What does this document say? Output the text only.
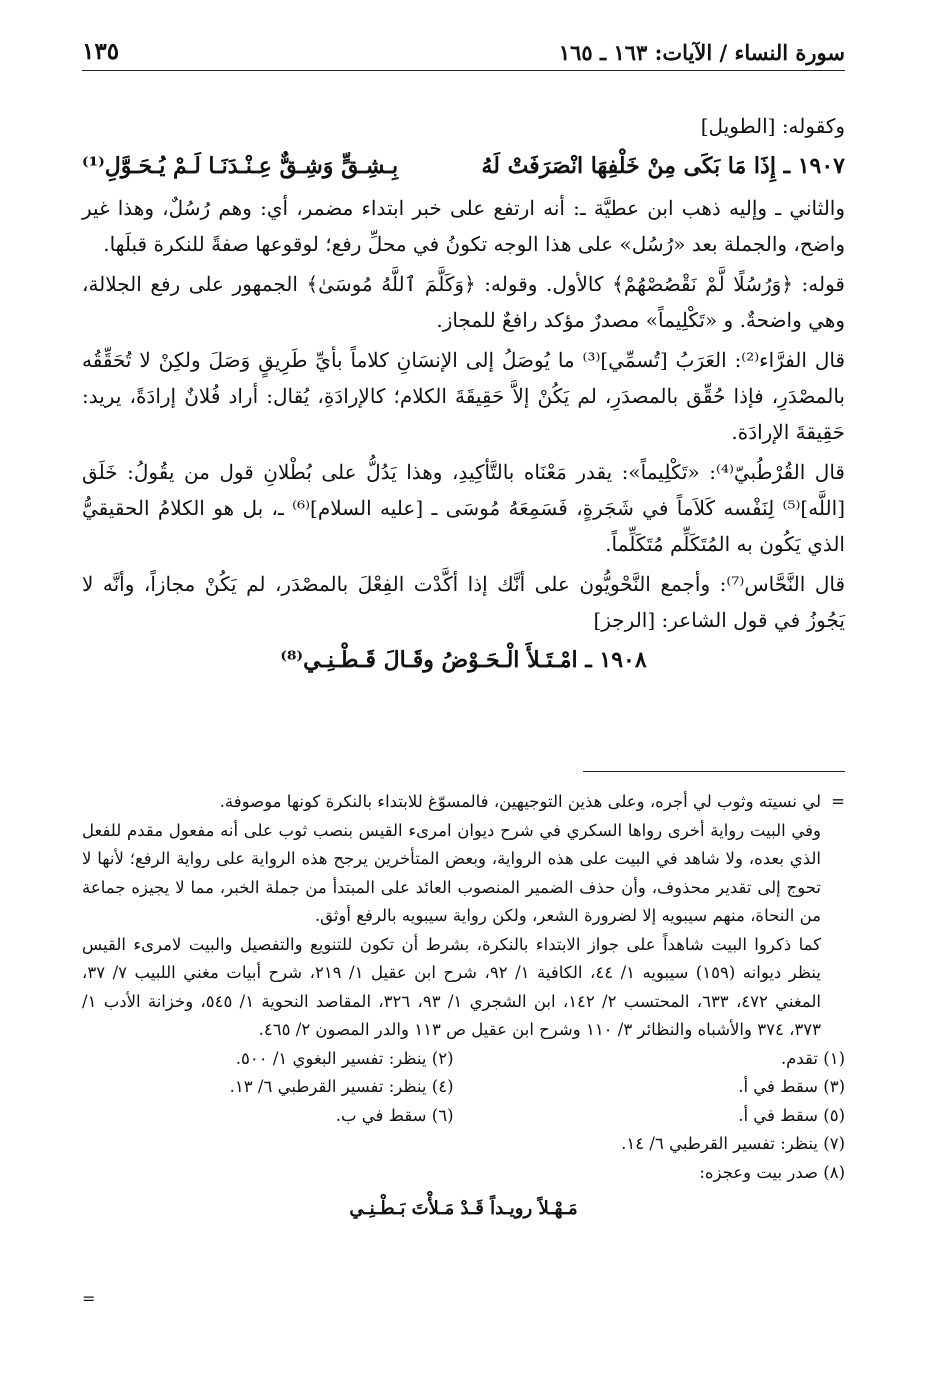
سورة النساء / الآيات: ١٦٣ ـ ١٦٥
١٣٥

وكقوله: [الطويل]

١٩٠٧ ـ إِذَا مَا بَكَى مِنْ خَلْفِهَا انْصَرَفَتْ لَهُ
بِـشِـقٍّ وَشِـقٌّ عِـنْـدَنَـا لَـمْ يُـحَـوَّلِ⁽¹⁾

والثاني ـ وإليه ذهب ابن عطيَّة ـ: أنه ارتفع على خبر ابتداء مضمر، أي: وهم رُسُلٌ، وهذا غير واضح، والجملة بعد «رُسُل» على هذا الوجه تكونُ في محلِّ رفع؛ لوقوعها صفةً للنكرة قبلَها.

قوله: ﴿وَرُسُلًا لَّمْ نَقْصُصْهُمْ﴾ كالأول. وقوله: ﴿وَكَلَّمَ ٱللَّهُ مُوسَىٰ﴾ الجمهور على رفع الجلالة، وهي واضحةٌ. و «تَكْلِيماً» مصدرٌ مؤكد رافعٌ للمجاز.

قال الفرَّاء⁽²⁾: العَرَبُ [تُسمِّي]⁽³⁾ ما يُوصَلُ إلى الإنسَانِ كلاماً بأيِّ طَرِيقٍ وَصَلَ ولكِنْ لا تُحَقِّقُه بالمصْدَرِ، فإذا حُقِّق بالمصدَرِ، لم يَكُنْ إلاَّ حَقِيقَةَ الكلام؛ كالإرادَةِ، يُقال: أراد فُلانٌ إرادَةً، يريد: حَقِيقةَ الإرادَة.

قال القُرْطُبيّ⁽⁴⁾: «تَكْلِيماً»: يقدر مَعْنَاه بالتَّأكِيدِ، وهذا يَدُلُّ على بُطْلانِ قول من يقُولُ: خَلَق [اللَّه]⁽⁵⁾ لِنَفْسه كَلاَماً في شَجَرةٍ، فَسَمِعَهُ مُوسَى ـ [عليه السلام]⁽⁶⁾ ـ، بل هو الكلامُ الحقيقيُّ الذي يَكُون به المُتَكَلِّم مُتَكَلِّماً.

قال النَّحَّاس⁽⁷⁾: وأجمع النَّحْويُّون على أنَّك إذا أكَّدْت الفِعْلَ بالمصْدَر، لم يَكُنْ مجازاً، وأنَّه لا يَجُوزُ في قول الشاعر: [الرجز]

١٩٠٨ ـ امْـتَـلأَ الْـحَـوْضُ وقَـالَ قَـطْـنِـي⁽⁸⁾
=

لي نسيته وثوب لي أجره، وعلى هذين التوجيهين، فالمسوّغ للابتداء بالنكرة كونها موصوفة.

وفي البيت رواية أخرى رواها السكري في شرح ديوان امرىء القيس بنصب ثوب على أنه مفعول مقدم للفعل الذي بعده، ولا شاهد في البيت على هذه الرواية، وبعض المتأخرين يرجح هذه الرواية على رواية الرفع؛ لأنها لا تحوج إلى تقدير محذوف، وأن حذف الضمير المنصوب العائد على المبتدأ من جملة الخبر، مما لا يجيزه جماعة من النحاة، منهم سيبويه إلا لضرورة الشعر، ولكن رواية سيبويه بالرفع أوثق.

كما ذكروا البيت شاهداً على جواز الابتداء بالنكرة، بشرط أن تكون للتنويع والتفصيل والبيت لامرىء القيس ينظر ديوانه (١٥٩) سيبويه ١/ ٤٤، الكافية ١/ ٩٢، شرح ابن عقيل ١/ ٢١٩، شرح أبيات مغني اللبيب ٧/ ٣٧، المغني ٤٧٢، ٦٣٣، المحتسب ٢/ ١٤٢، ابن الشجري ١/ ٩٣، ٣٢٦، المقاصد النحوية ١/ ٥٤٥، وخزانة الأدب ١/ ٣٧٣، ٣٧٤ والأشباه والنظائر ٣/ ١١٠ وشرح ابن عقيل ص ١١٣ والدر المصون ٢/ ٤٦٥.

(١) تقدم.
(٢) ينظر: تفسير البغوي ١/ ٥٠٠.
(٣) سقط في أ.
(٤) ينظر: تفسير القرطبي ٦/ ١٣.
(٥) سقط في أ.
(٦) سقط في ب.

(٧) ينظر: تفسير القرطبي ٦/ ١٤.

(٨) صدر بيت وعجزه:

مَـهْـلاً رويـداً قَـدْ مَـلأْتَ بَـطْـنِـي
=
